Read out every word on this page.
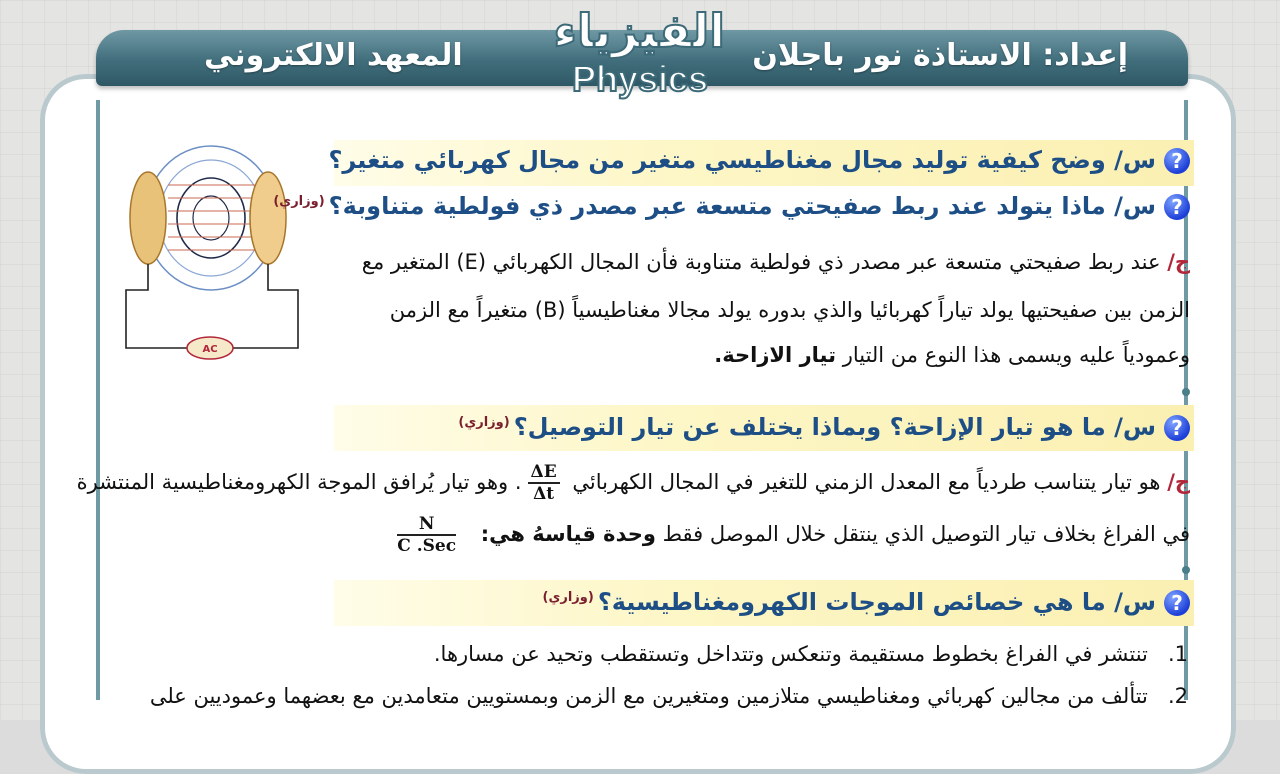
إعداد: الاستاذة نور باجلان
المعهد الالكتروني الفيزياء
Physics
AC
?س/ وضح كيفية توليد مجال مغناطيسي متغير من مجال كهربائي متغير؟
?س/ ماذا يتولد عند ربط صفيحتي متسعة عبر مصدر ذي فولطية متناوبة؟$^{(وزاري)}$
ج/ عند ربط صفيحتي متسعة عبر مصدر ذي فولطية متناوبة فأن المجال الكهربائي (E) المتغير مع
الزمن بين صفيحتيها يولد تياراً كهربائيا والذي بدوره يولد مجالا مغناطيسياً (B) متغيراً مع الزمن
وعمودياً عليه ويسمى هذا النوع من التيار تيار الازاحة.
?س/ ما هو تيار الإزاحة؟ وبماذا يختلف عن تيار التوصيل؟$^{(وزاري)}$
ج/ هو تيار يتناسب طردياً مع المعدل الزمني للتغير في المجال الكهربائي
$\frac{\Delta E}{\Delta t}$
. وهو تيار يُرافق الموجة الكهرومغناطيسية المنتشرة
في الفراغ بخلاف تيار التوصيل الذي ينتقل خلال الموصل فقط وحدة قياسهُ هي:
$\frac{N}{\text{C .Sec}}$
?س/ ما هي خصائص الموجات الكهرومغناطيسية؟$^{(وزاري)}$
1.   تنتشر في الفراغ بخطوط مستقيمة وتنعكس وتتداخل وتستقطب وتحيد عن مسارها.
2.   تتألف من مجالين كهربائي ومغناطيسي متلازمين ومتغيرين مع الزمن وبمستويين متعامدين مع بعضهما وعموديين على
